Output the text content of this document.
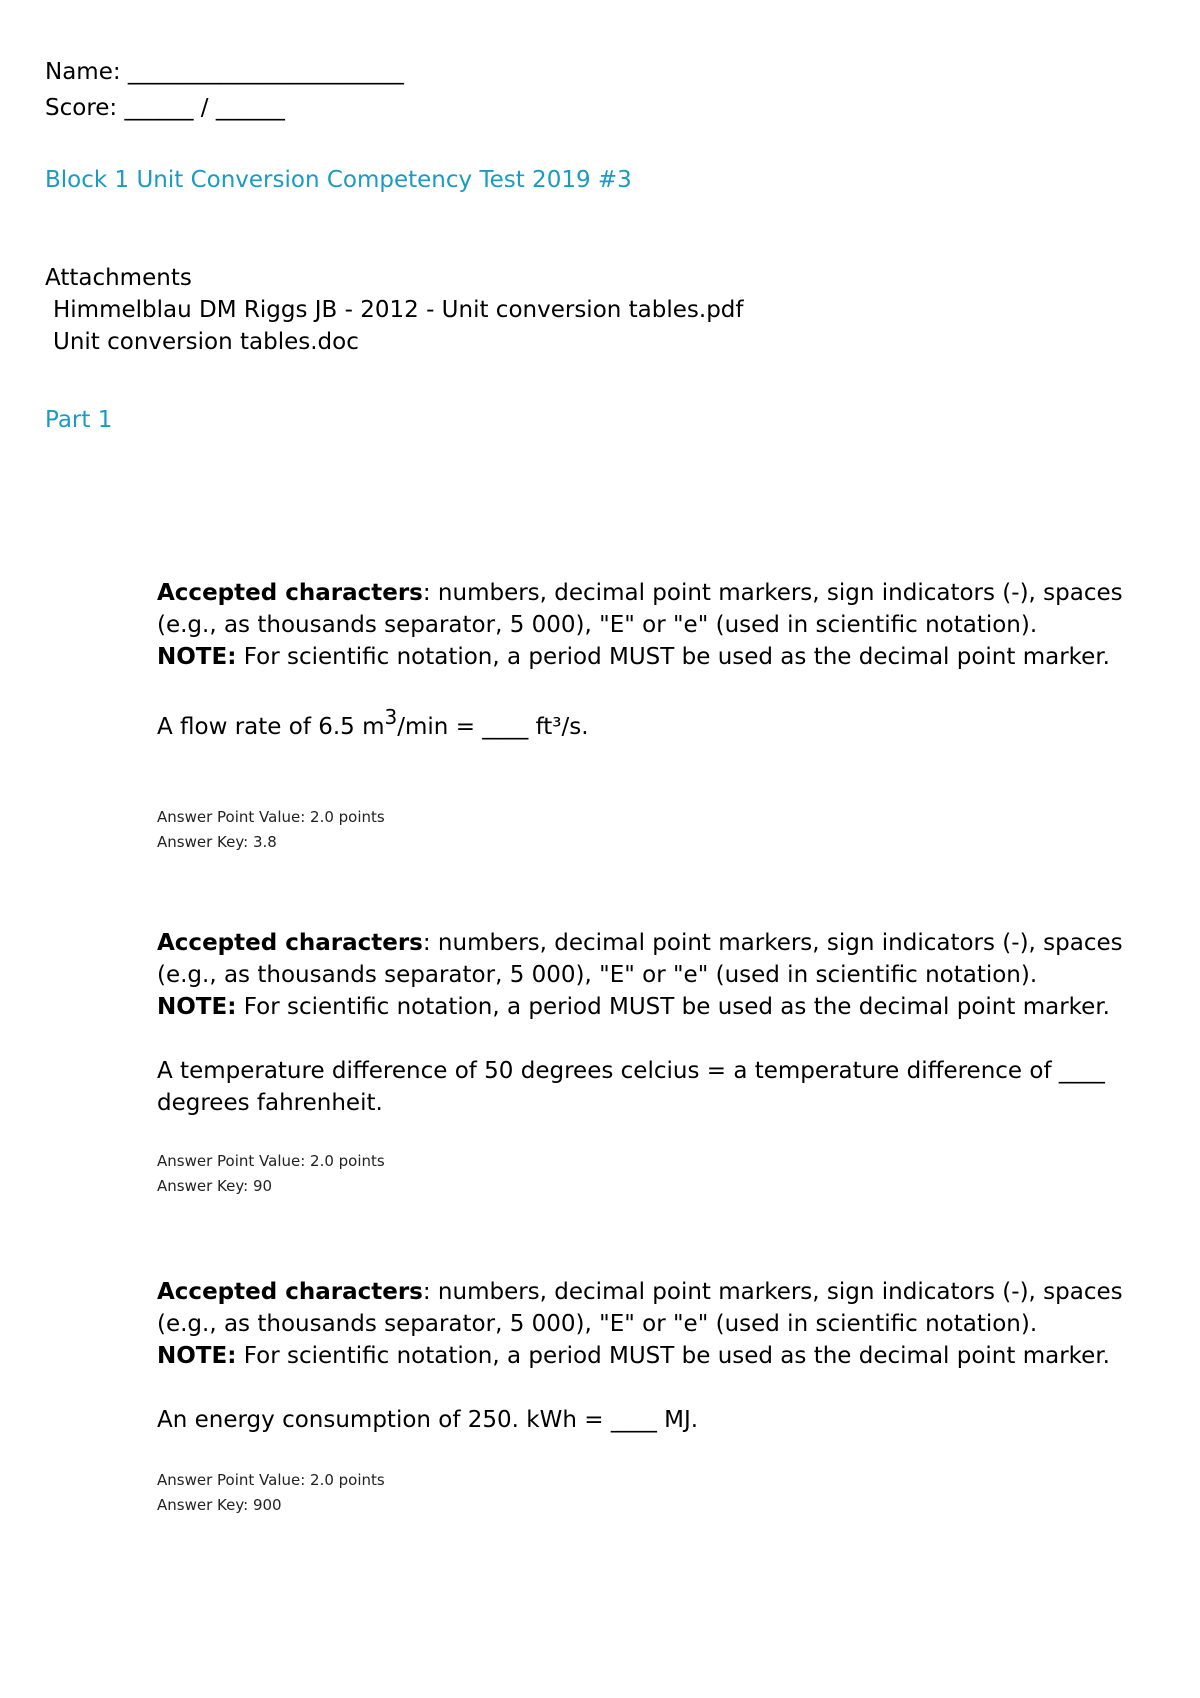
Name: ________________________
Score: ______ / ______
Block 1 Unit Conversion Competency Test 2019 #3
Attachments
Himmelblau DM Riggs JB - 2012 - Unit conversion tables.pdf
Unit conversion tables.doc
Part 1

Accepted characters: numbers, decimal point markers, sign indicators (-), spaces (e.g., as thousands separator, 5 000), "E" or "e" (used in scientific notation).
NOTE: For scientific notation, a period MUST be used as the decimal point marker.

A flow rate of 6.5 m3/min = ____ ft³/s.

Answer Point Value: 2.0 points

Answer Key: 3.8

Accepted characters: numbers, decimal point markers, sign indicators (-), spaces (e.g., as thousands separator, 5 000), "E" or "e" (used in scientific notation).
NOTE: For scientific notation, a period MUST be used as the decimal point marker.

A temperature difference of 50 degrees celcius = a temperature difference of ____ degrees fahrenheit.

Answer Point Value: 2.0 points

Answer Key: 90

Accepted characters: numbers, decimal point markers, sign indicators (-), spaces (e.g., as thousands separator, 5 000), "E" or "e" (used in scientific notation).
NOTE: For scientific notation, a period MUST be used as the decimal point marker.

An energy consumption of 250. kWh = ____ MJ.

Answer Point Value: 2.0 points

Answer Key: 900
